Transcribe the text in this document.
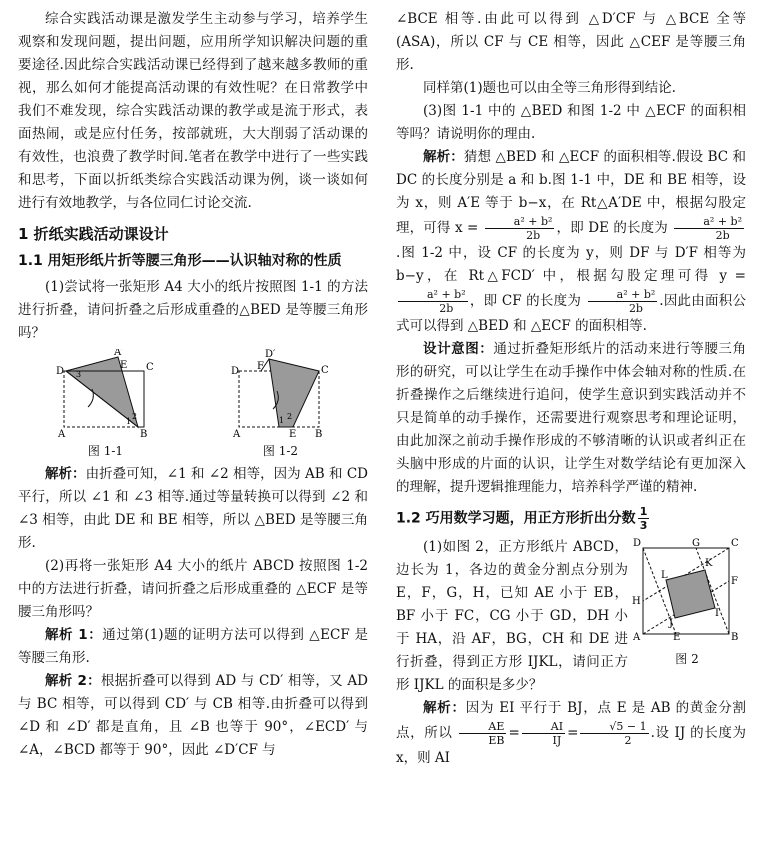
综合实践活动课是激发学生主动参与学习，培养学生观察和发现问题，提出问题，应用所学知识解决问题的重要途径.因此综合实践活动课已经得到了越来越多教师的重视，那么如何才能提高活动课的有效性呢？在日常教学中我们不难发现，综合实践活动课的教学或是流于形式，表面热闹，或是应付任务，按部就班，大大削弱了活动课的有效性，也浪费了教学时间.笔者在教学中进行了一些实践和思考，下面以折纸类综合实践活动课为例，谈一谈如何进行有效地教学，与各位同仁讨论交流.

1 折纸实践活动课设计
1.1 用矩形纸片折等腰三角形——认识轴对称的性质

(1)尝试将一张矩形 A4 大小的纸片按照图 1-1 的方法进行折叠，请问折叠之后形成重叠的△BED 是等腰三角形吗？

D
A′
E C
A	B
1
2
3
图 1-1
D′
D F	C
A	E B
1 2
图 1-2

解析：由折叠可知，∠1 和 ∠2 相等，因为 AB 和 CD 平行，所以 ∠1 和 ∠3 相等.通过等量转换可以得到 ∠2 和 ∠3 相等，由此 DE 和 BE 相等，所以 △BED 是等腰三角形.

(2)再将一张矩形 A4 大小的纸片 ABCD 按照图 1-2 中的方法进行折叠，请问折叠之后形成重叠的 △ECF 是等腰三角形吗？

解析 1：通过第(1)题的证明方法可以得到 △ECF 是等腰三角形.

解析 2：根据折叠可以得到 AD 与 CD′ 相等，又 AD 与 BC 相等，可以得到 CD′ 与 CB 相等.由折叠可以得到 ∠D 和 ∠D′ 都是直角，且 ∠B 也等于 90°，∠ECD′ 与 ∠A，∠BCD 都等于 90°，因此 ∠D′CF 与

∠BCE 相等.由此可以得到 △D′CF 与 △BCE 全等(ASA)，所以 CF 与 CE 相等，因此 △CEF 是等腰三角形.

同样第(1)题也可以由全等三角形得到结论.

(3)图 1-1 中的 △BED 和图 1-2 中 △ECF 的面积相等吗？请说明你的理由.

解析：猜想 △BED 和 △ECF 的面积相等.假设 BC 和 DC 的长度分别是 a 和 b.图 1-1 中，DE 和 BE 相等，设为 x，则 A′E 等于 b−x，在 Rt△A′DE 中，根据勾股定理，可得 $x = \frac{\text{a² + b²}}{2b}$ ，即 DE 的长度为 $\frac{\text{a² + b²}}{2b}$
.图 1-2 中，设 CF 的长度为 y，则 DF 与 D′F 相等为 b−y，在 Rt△FCD′ 中，根据勾股定理可得 y =
$\frac{\text{a² + b²}}{2b}$ ，即 CF 的长度为 $\frac{\text{a² + b²}}{2b}$ .因此由面积公式可以得到 △BED 和 △ECF 的面积相等.

设计意图：通过折叠矩形纸片的活动来进行等腰三角形的研究，可以让学生在动手操作中体会轴对称的性质.在折叠操作之后继续进行追问，使学生意识到实践活动并不只是简单的动手操作，还需要进行观察思考和理论证明，由此加深之前动手操作形成的不够清晰的认识或者纠正在头脑中形成的片面的认识，让学生对数学结论有更加深入的理解，提升逻辑推理能力，培养科学严谨的精神.

1.2 巧用数学习题，用正方形折出分数 $\frac{1}{3}$

(1)如图 2，正方形纸片 ABCD，边长为 1，各边的黄金分割点分别为 E，F，G，H，已知 AE 小于 EB，BF 小于 FC，CG 小于 GD，DH 小于 HA，沿 AF，BG，CH 和 DE 进行折叠，得到正方形 IJKL，请问正方形 IJKL 的面积是多少？

D	G	C
H
L
K
F
I
J
A	E	B
图 2

解析：因为 EI 平行于 BJ，点 E 是 AB 的黄金分割点，所以 $\frac{AE}{EB} = \frac{AI}{IJ} = \frac{√5 - 1}{2}$ .设 IJ 的长度为 x，则 AI
